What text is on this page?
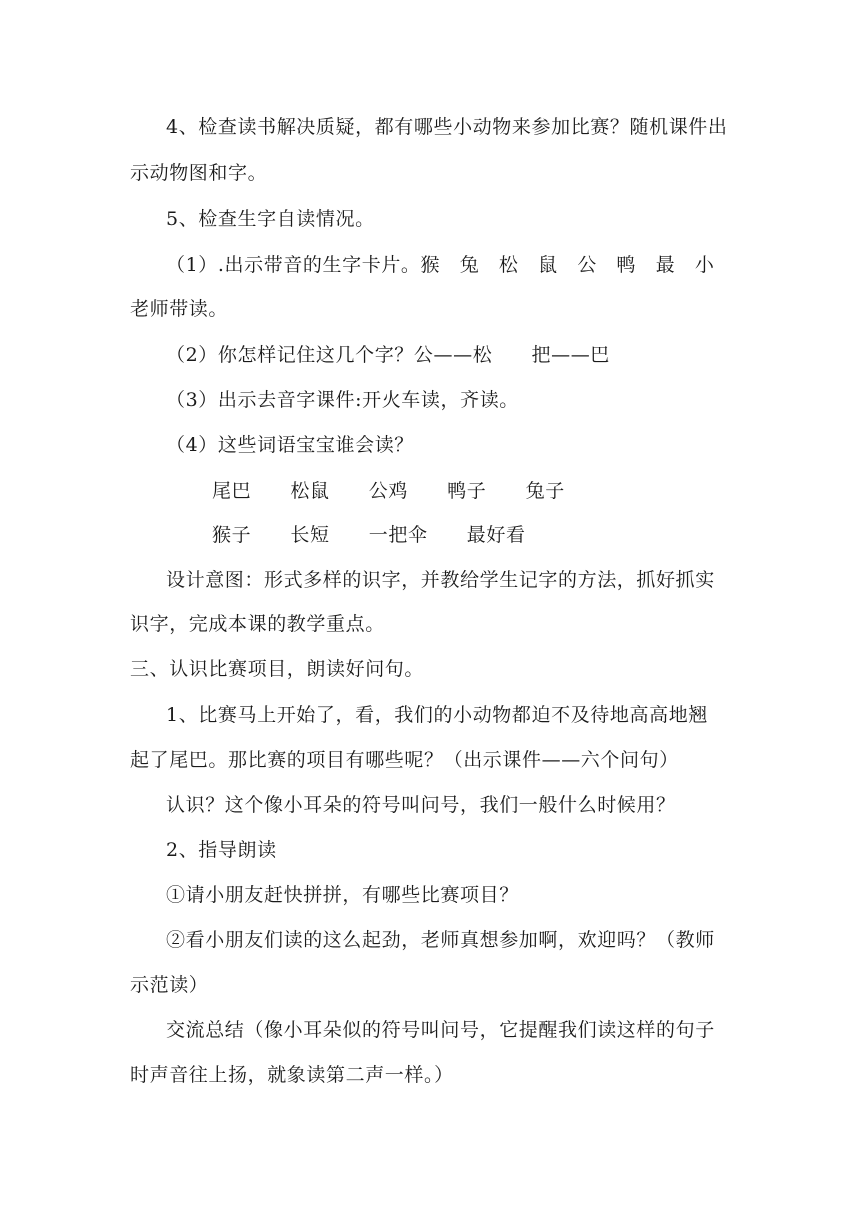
4、检查读书解决质疑，都有哪些小动物来参加比赛？随机课件出
示动物图和字。
5、检查生字自读情况。
（1）.出示带音的生字卡片。猴　兔　松　鼠　公　鸭　最　小
老师带读。
（2）你怎样记住这几个字？公——松　　把——巴
（3）出示去音字课件:开火车读，齐读。
（4）这些词语宝宝谁会读？
尾巴　　松鼠　　公鸡　　鸭子　　兔子
猴子　　长短　　一把伞　　最好看
设计意图：形式多样的识字，并教给学生记字的方法，抓好抓实
识字，完成本课的教学重点。
三、认识比赛项目，朗读好问句。
1、比赛马上开始了，看，我们的小动物都迫不及待地高高地翘
起了尾巴。那比赛的项目有哪些呢？（出示课件——六个问句）
认识？这个像小耳朵的符号叫问号，我们一般什么时候用？
2、指导朗读
①请小朋友赶快拼拼，有哪些比赛项目？
②看小朋友们读的这么起劲，老师真想参加啊，欢迎吗？（教师
示范读）
交流总结（像小耳朵似的符号叫问号，它提醒我们读这样的句子
时声音往上扬，就象读第二声一样。）
